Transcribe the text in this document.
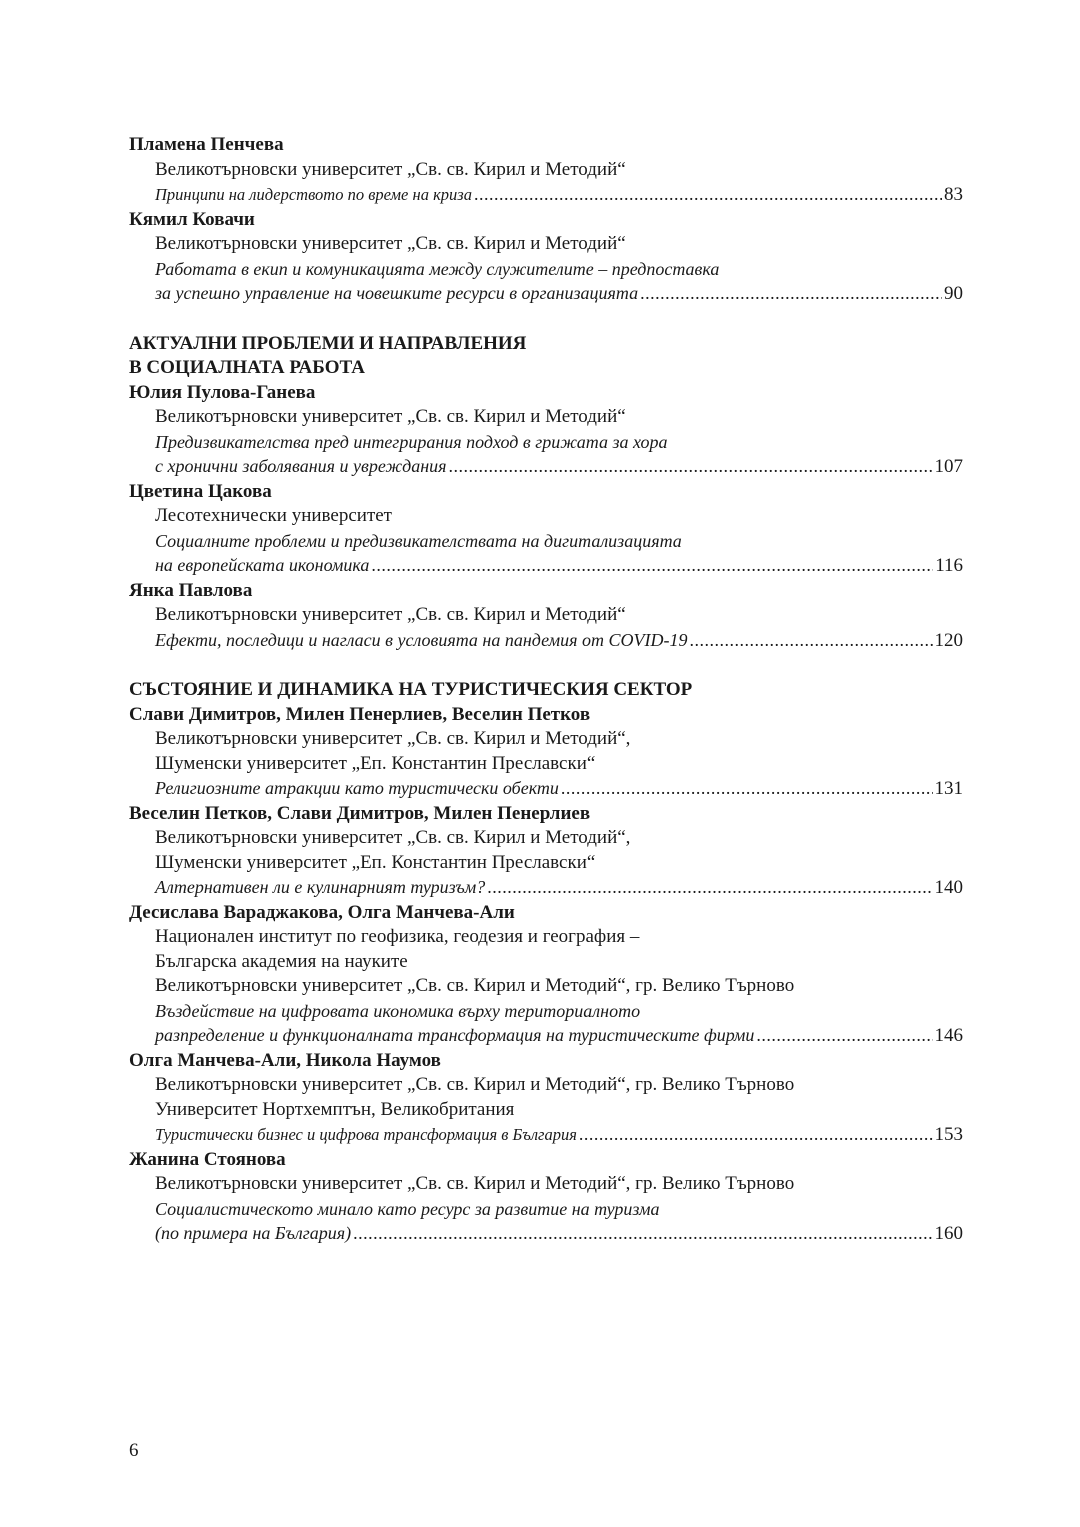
Пламена Пенчева
Великотърновски университет „Св. св. Кирил и Методий“
Принципи на лидерството по време на криза .....	83
Кямил Ковачи
Великотърновски университет „Св. св. Кирил и Методий“
Работата в екип и комуникацията между служителите – предпоставка
за успешно управление на човешките ресурси в организацията .....	90
АКТУАЛНИ ПРОБЛЕМИ И НАПРАВЛЕНИЯ
В СОЦИАЛНАТА РАБОТА
Юлия Пулова-Ганева
Великотърновски университет „Св. св. Кирил и Методий“
Предизвикателства пред интегрирания подход в грижата за хора
с хронични заболявания и увреждания .....	107
Цветина Цакова
Лесотехнически университет
Социалните проблеми и предизвикателствата на дигитализацията
на европейската икономика .....	116
Янка Павлова
Великотърновски университет „Св. св. Кирил и Методий“
Ефекти, последици и нагласи в условията на пандемия от COVID-19 .....	120
СЪСТОЯНИЕ И ДИНАМИКА НА ТУРИСТИЧЕСКИЯ СЕКТОР
Слави Димитров, Милен Пенерлиев, Веселин Петков
Великотърновски университет „Св. св. Кирил и Методий“,
Шуменски университет „Еп. Константин Преславски“
Религиозните атракции като туристически обекти .....	131
Веселин Петков, Слави Димитров, Милен Пенерлиев
Великотърновски университет „Св. св. Кирил и Методий“,
Шуменски университет „Еп. Константин Преславски“
Алтернативен ли е кулинарният туризъм? .....	140
Десислава Вараджакова, Олга Манчева-Али
Национален институт по геофизика, геодезия и география –
Българска академия на науките
Великотърновски университет „Св. св. Кирил и Методий“, гр. Велико Търново
Въздействие на цифровата икономика върху териториалното
разпределение и функционалната трансформация на туристическите фирми .....	146
Олга Манчева-Али, Никола Наумов
Великотърновски университет „Св. св. Кирил и Методий“, гр. Велико Търново
Университет Нортхемптън, Великобритания
Туристически бизнес и цифрова трансформация в България .....	153
Жанина Стоянова
Великотърновски университет „Св. св. Кирил и Методий“, гр. Велико Търново
Социалистическото минало като ресурс за развитие на туризма
(по примера на България) .....	160
6
